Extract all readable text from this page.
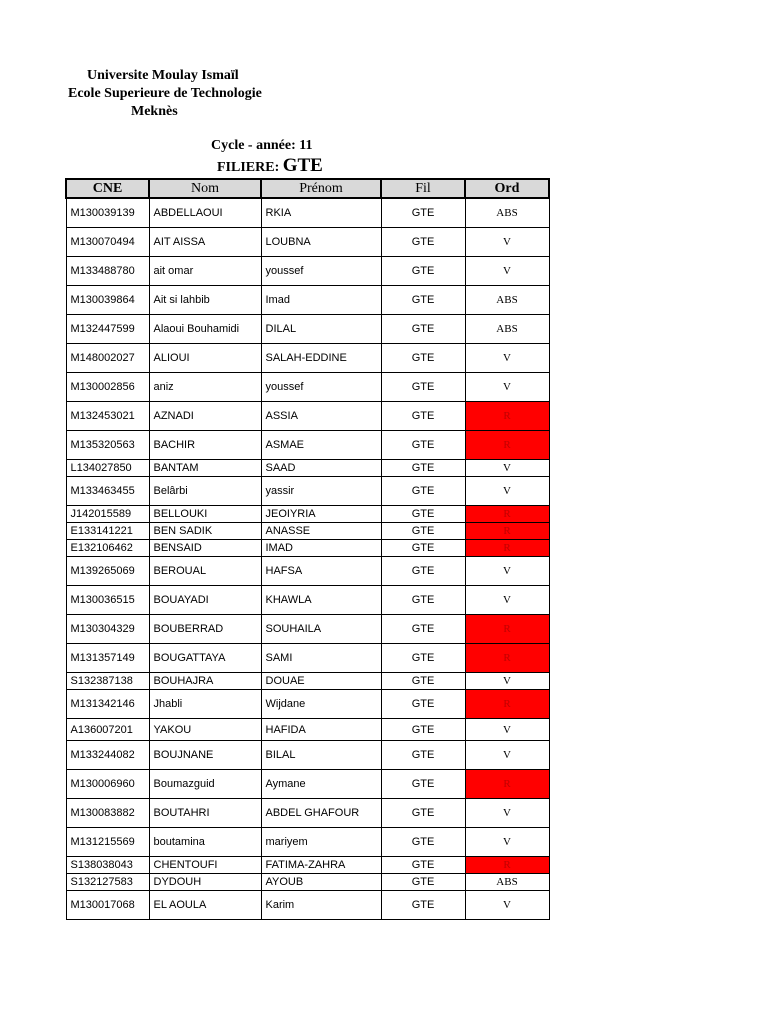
Universite Moulay Ismaïl
Ecole Superieure de Technologie
Meknès
Cycle - année: 11
FILIERE: GTE
CNE	Nom	Prénom	Fil	Ord
M130039139	ABDELLAOUI	RKIA	GTE	ABS
M130070494	AIT AISSA	LOUBNA	GTE	V
M133488780	ait omar	youssef	GTE	V
M130039864	Ait si lahbib	Imad	GTE	ABS
M132447599	Alaoui Bouhamidi	DILAL	GTE	ABS
M148002027	ALIOUI	SALAH-EDDINE	GTE	V
M130002856	aniz	youssef	GTE	V
M132453021	AZNADI	ASSIA	GTE	R
M135320563	BACHIR	ASMAE	GTE	R
L134027850	BANTAM	SAAD	GTE	V
M133463455	Belârbi	yassir	GTE	V
J142015589	BELLOUKI	JEOIYRIA	GTE	R
E133141221	BEN SADIK	ANASSE	GTE	R
E132106462	BENSAID	IMAD	GTE	R
M139265069	BEROUAL	HAFSA	GTE	V
M130036515	BOUAYADI	KHAWLA	GTE	V
M130304329	BOUBERRAD	SOUHAILA	GTE	R
M131357149	BOUGATTAYA	SAMI	GTE	R
S132387138	BOUHAJRA	DOUAE	GTE	V
M131342146	Jhabli	Wijdane	GTE	R
A136007201	YAKOU	HAFIDA	GTE	V
M133244082	BOUJNANE	BILAL	GTE	V
M130006960	Boumazguid	Aymane	GTE	R
M130083882	BOUTAHRI	ABDEL GHAFOUR	GTE	V
M131215569	boutamina	mariyem	GTE	V
S138038043	CHENTOUFI	FATIMA-ZAHRA	GTE	R
S132127583	DYDOUH	AYOUB	GTE	ABS
M130017068	EL AOULA	Karim	GTE	V
